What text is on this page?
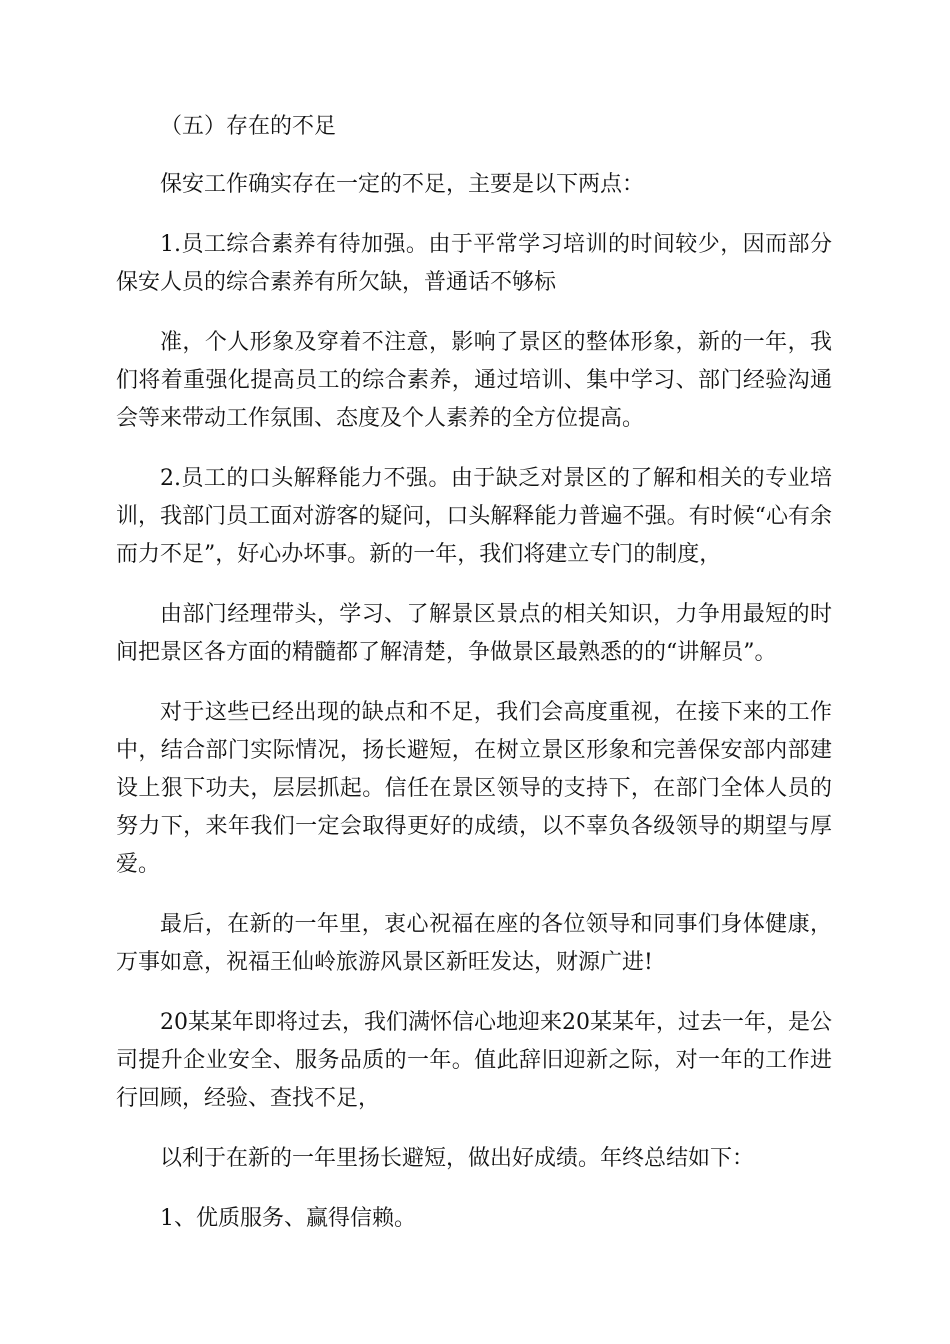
（五）存在的不足

保安工作确实存在一定的不足，主要是以下两点：

1.员工综合素养有待加强。由于平常学习培训的时间较少，因而部分保安人员的综合素养有所欠缺，普通话不够标

准，个人形象及穿着不注意，影响了景区的整体形象，新的一年，我们将着重强化提高员工的综合素养，通过培训、集中学习、部门经验沟通会等来带动工作氛围、态度及个人素养的全方位提高。

2.员工的口头解释能力不强。由于缺乏对景区的了解和相关的专业培训，我部门员工面对游客的疑问，口头解释能力普遍不强。有时候“心有余而力不足”，好心办坏事。新的一年，我们将建立专门的制度，

由部门经理带头，学习、了解景区景点的相关知识，力争用最短的时间把景区各方面的精髓都了解清楚，争做景区最熟悉的的“讲解员”。

对于这些已经出现的缺点和不足，我们会高度重视，在接下来的工作中，结合部门实际情况，扬长避短，在树立景区形象和完善保安部内部建设上狠下功夫，层层抓起。信任在景区领导的支持下，在部门全体人员的努力下，来年我们一定会取得更好的成绩，以不辜负各级领导的期望与厚爱。

最后，在新的一年里，衷心祝福在座的各位领导和同事们身体健康，万事如意，祝福王仙岭旅游风景区新旺发达，财源广进!

20某某年即将过去，我们满怀信心地迎来20某某年，过去一年，是公司提升企业安全、服务品质的一年。值此辞旧迎新之际，对一年的工作进行回顾，经验、查找不足，

以利于在新的一年里扬长避短，做出好成绩。年终总结如下：

1、优质服务、赢得信赖。
